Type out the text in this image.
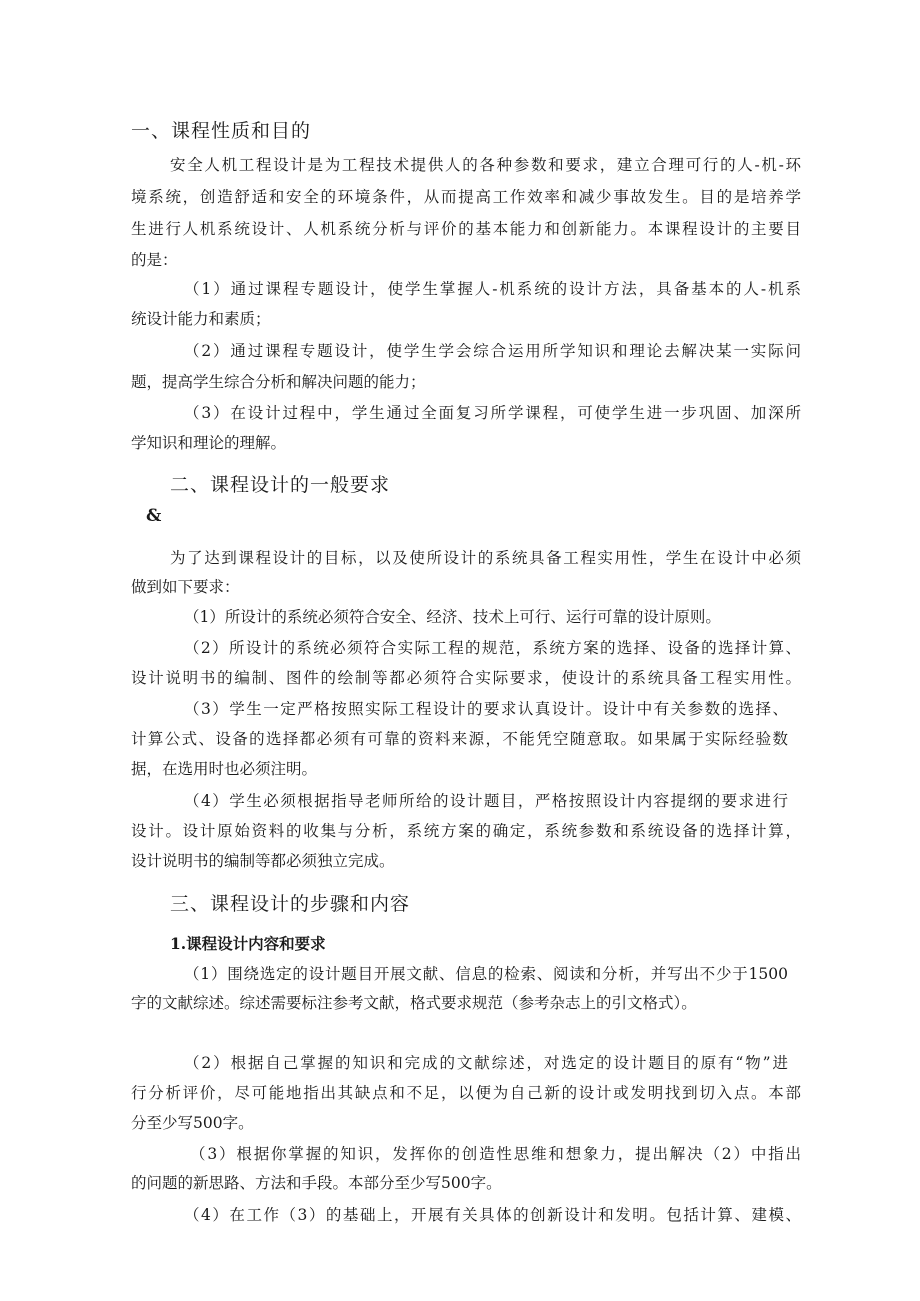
一、课程性质和目的
安全人机工程设计是为工程技术提供人的各种参数和要求，建立合理可行的人-机-环
境系统，创造舒适和安全的环境条件，从而提高工作效率和减少事故发生。目的是培养学
生进行人机系统设计、人机系统分析与评价的基本能力和创新能力。本课程设计的主要目
的是：
（1）通过课程专题设计，使学生掌握人-机系统的设计方法，具备基本的人-机系
统设计能力和素质；
（2）通过课程专题设计，使学生学会综合运用所学知识和理论去解决某一实际问
题，提高学生综合分析和解决问题的能力；
（3）在设计过程中，学生通过全面复习所学课程，可使学生进一步巩固、加深所
学知识和理论的理解。
二、课程设计的一般要求
&
为了达到课程设计的目标，以及使所设计的系统具备工程实用性，学生在设计中必须
做到如下要求：
（1）所设计的系统必须符合安全、经济、技术上可行、运行可靠的设计原则。
（2）所设计的系统必须符合实际工程的规范，系统方案的选择、设备的选择计算、
设计说明书的编制、图件的绘制等都必须符合实际要求，使设计的系统具备工程实用性。
（3）学生一定严格按照实际工程设计的要求认真设计。设计中有关参数的选择、
计算公式、设备的选择都必须有可靠的资料来源，不能凭空随意取。如果属于实际经验数
据，在选用时也必须注明。
（4）学生必须根据指导老师所给的设计题目，严格按照设计内容提纲的要求进行
设计。设计原始资料的收集与分析，系统方案的确定，系统参数和系统设备的选择计算，
设计说明书的编制等都必须独立完成。
三、课程设计的步骤和内容
1.课程设计内容和要求
（1）围绕选定的设计题目开展文献、信息的检索、阅读和分析，并写出不少于1500
字的文献综述。综述需要标注参考文献，格式要求规范（参考杂志上的引文格式）。
（2）根据自己掌握的知识和完成的文献综述，对选定的设计题目的原有“物”进
行分析评价，尽可能地指出其缺点和不足，以便为自己新的设计或发明找到切入点。本部
分至少写500字。
（3）根据你掌握的知识，发挥你的创造性思维和想象力，提出解决（2）中指出
的问题的新思路、方法和手段。本部分至少写500字。
（4）在工作（3）的基础上，开展有关具体的创新设计和发明。包括计算、建模、
